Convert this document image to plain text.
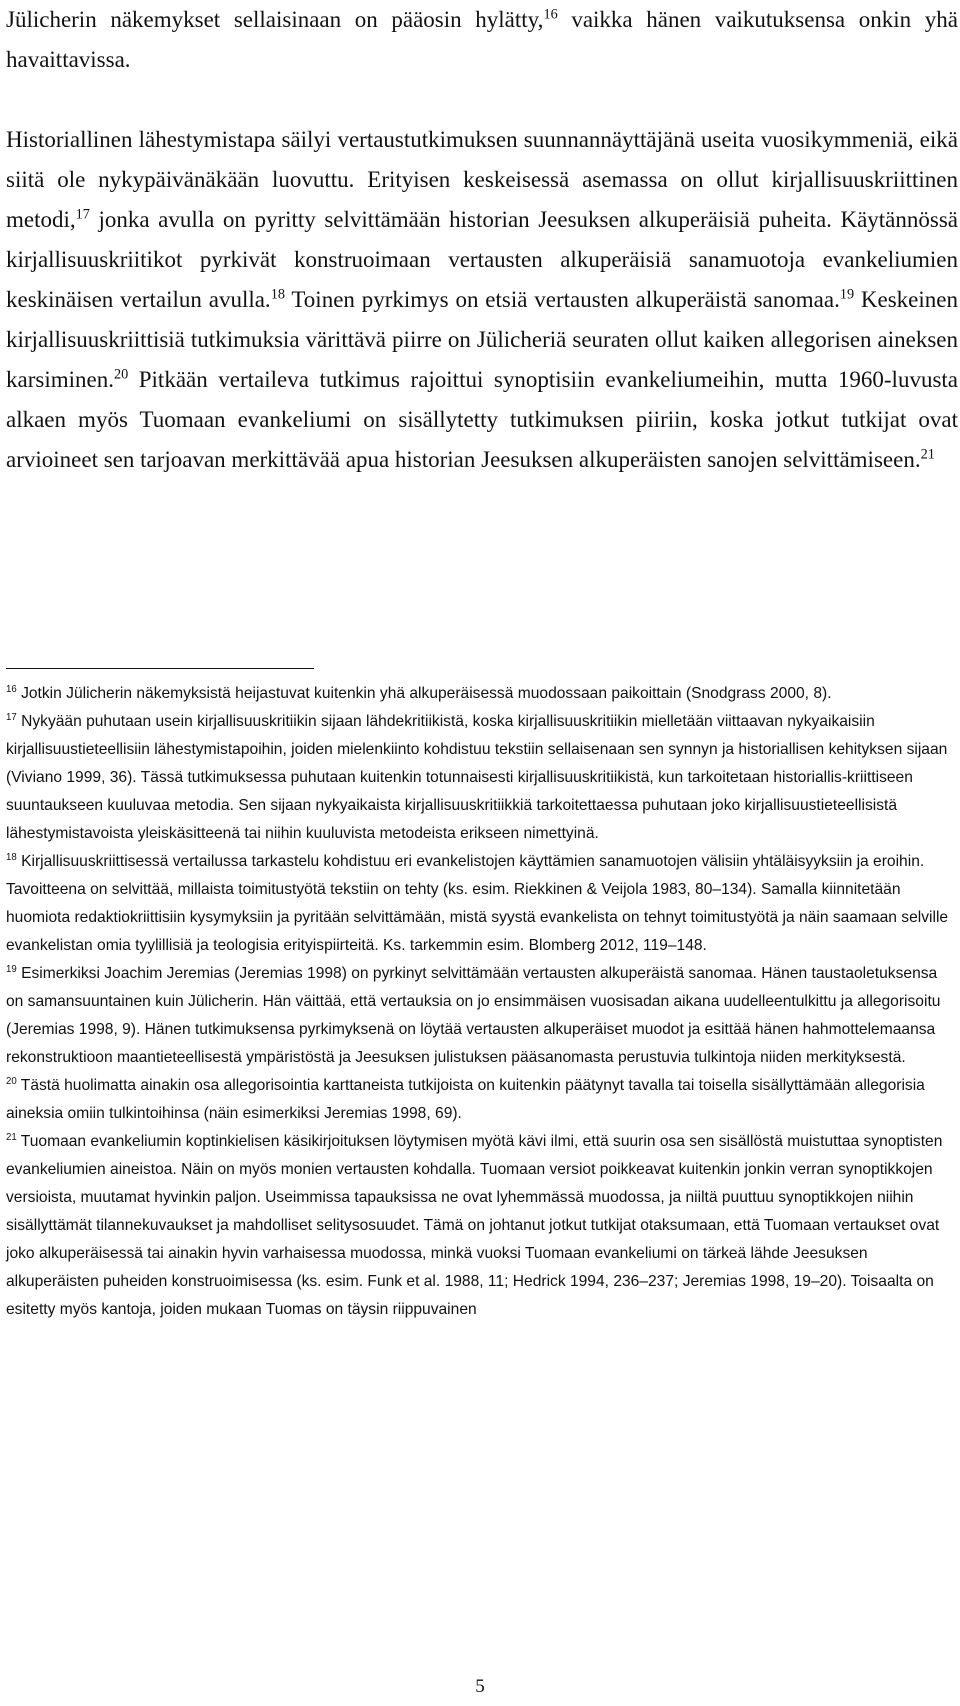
Jülicherin näkemykset sellaisinaan on pääosin hylätty,$^{16}$ vaikka hänen vaikutuksensa onkin yhä havaittavissa.

Historiallinen lähestymistapa säilyi vertaustutkimuksen suunnannäyttäjänä useita vuosikymmeniä, eikä siitä ole nykypäivänäkään luovuttu. Erityisen keskeisessä asemassa on ollut kirjallisuuskriittinen metodi,$^{17}$ jonka avulla on pyritty selvittämään historian Jeesuksen alkuperäisiä puheita. Käytännössä kirjallisuuskriitikot pyrkivät konstruoimaan vertausten alkuperäisiä sanamuotoja evankeliumien keskinäisen vertailun avulla.$^{18}$ Toinen pyrkimys on etsiä vertausten alkuperäistä sanomaa.$^{19}$ Keskeinen kirjallisuuskriittisiä tutkimuksia värittävä piirre on Jülicheriä seuraten ollut kaiken allegorisen aineksen karsiminen.$^{20}$ Pitkään vertaileva tutkimus rajoittui synoptisiin evankeliumeihin, mutta 1960-luvusta alkaen myös Tuomaan evankeliumi on sisällytetty tutkimuksen piiriin, koska jotkut tutkijat ovat arvioineet sen tarjoavan merkittävää apua historian Jeesuksen alkuperäisten sanojen selvittämiseen.$^{21}$

$^{16}$ Jotkin Jülicherin näkemyksistä heijastuvat kuitenkin yhä alkuperäisessä muodossaan paikoittain (Snodgrass 2000, 8).

$^{17}$ Nykyään puhutaan usein kirjallisuuskritiikin sijaan lähdekritiikistä, koska kirjallisuuskritiikin mielletään viittaavan nykyaikaisiin kirjallisuustieteellisiin lähestymistapoihin, joiden mielenkiinto kohdistuu tekstiin sellaisenaan sen synnyn ja historiallisen kehityksen sijaan (Viviano 1999, 36). Tässä tutkimuksessa puhutaan kuitenkin totunnaisesti kirjallisuuskritiikistä, kun tarkoitetaan historiallis-kriittiseen suuntaukseen kuuluvaa metodia. Sen sijaan nykyaikaista kirjallisuuskritiikkiä tarkoitettaessa puhutaan joko kirjallisuustieteellisistä lähestymistavoista yleiskäsitteenä tai niihin kuuluvista metodeista erikseen nimettyinä.

$^{18}$ Kirjallisuuskriittisessä vertailussa tarkastelu kohdistuu eri evankelistojen käyttämien sanamuotojen välisiin yhtäläisyyksiin ja eroihin. Tavoitteena on selvittää, millaista toimitustyötä tekstiin on tehty (ks. esim. Riekkinen & Veijola 1983, 80–134). Samalla kiinnitetään huomiota redaktiokriittisiin kysymyksiin ja pyritään selvittämään, mistä syystä evankelista on tehnyt toimitustyötä ja näin saamaan selville evankelistan omia tyylillisiä ja teologisia erityispiirteitä. Ks. tarkemmin esim. Blomberg 2012, 119–148.

$^{19}$ Esimerkiksi Joachim Jeremias (Jeremias 1998) on pyrkinyt selvittämään vertausten alkuperäistä sanomaa. Hänen taustaoletuksensa on samansuuntainen kuin Jülicherin. Hän väittää, että vertauksia on jo ensimmäisen vuosisadan aikana uudelleentulkittu ja allegorisoitu (Jeremias 1998, 9). Hänen tutkimuksensa pyrkimyksenä on löytää vertausten alkuperäiset muodot ja esittää hänen hahmottelemaansa rekonstruktioon maantieteellisestä ympäristöstä ja Jeesuksen julistuksen pääsanomasta perustuvia tulkintoja niiden merkityksestä.

$^{20}$ Tästä huolimatta ainakin osa allegorisointia karttaneista tutkijoista on kuitenkin päätynyt tavalla tai toisella sisällyttämään allegorisia aineksia omiin tulkintoihinsa (näin esimerkiksi Jeremias 1998, 69).

$^{21}$ Tuomaan evankeliumin koptinkielisen käsikirjoituksen löytymisen myötä kävi ilmi, että suurin osa sen sisällöstä muistuttaa synoptisten evankeliumien aineistoa. Näin on myös monien vertausten kohdalla. Tuomaan versiot poikkeavat kuitenkin jonkin verran synoptikkojen versioista, muutamat hyvinkin paljon. Useimmissa tapauksissa ne ovat lyhemmässä muodossa, ja niiltä puuttuu synoptikkojen niihin sisällyttämät tilannekuvaukset ja mahdolliset selitysosuudet. Tämä on johtanut jotkut tutkijat otaksumaan, että Tuomaan vertaukset ovat joko alkuperäisessä tai ainakin hyvin varhaisessa muodossa, minkä vuoksi Tuomaan evankeliumi on tärkeä lähde Jeesuksen alkuperäisten puheiden konstruoimisessa (ks. esim. Funk et al. 1988, 11; Hedrick 1994, 236–237; Jeremias 1998, 19–20). Toisaalta on esitetty myös kantoja, joiden mukaan Tuomas on täysin riippuvainen

5
